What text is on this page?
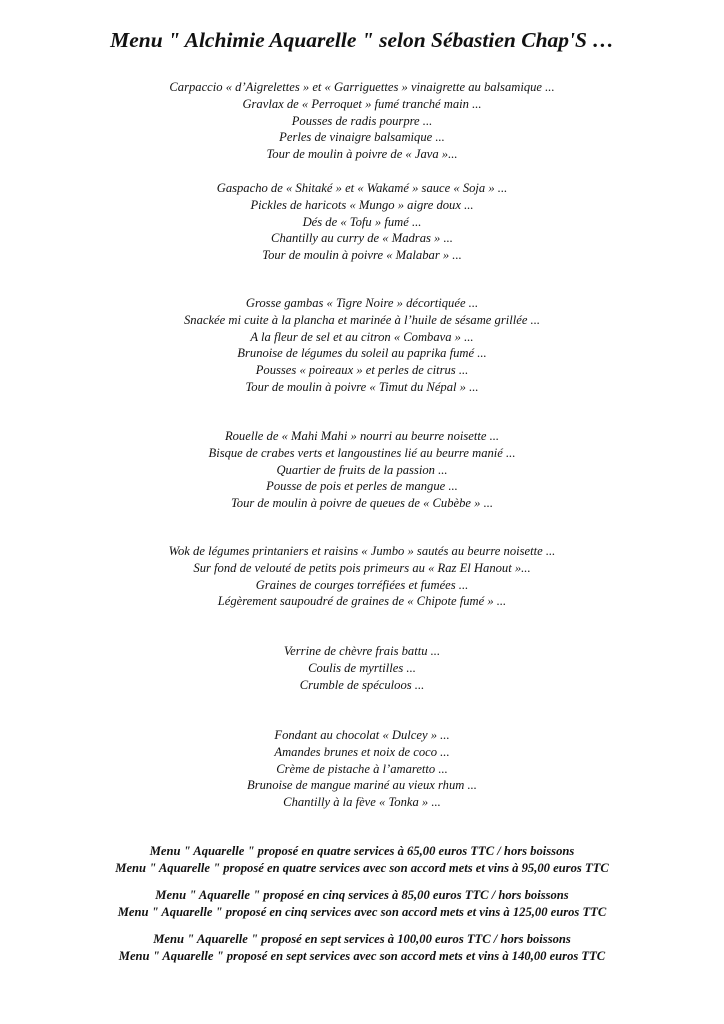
Menu " Alchimie Aquarelle " selon Sébastien Chap'S …
Carpaccio « d’Aigrelettes » et « Garriguettes » vinaigrette au balsamique ...
Gravlax de « Perroquet » fumé tranché main ...
Pousses de radis pourpre ...
Perles de vinaigre balsamique ...
Tour de moulin à poivre de « Java »...
Gaspacho de « Shitaké » et « Wakamé » sauce « Soja » ...
Pickles de haricots « Mungo » aigre doux ...
Dés de « Tofu » fumé ...
Chantilly au curry de « Madras » ...
Tour de moulin à poivre « Malabar » ...
Grosse gambas « Tigre Noire » décortiquée ...
Snackée mi cuite à la plancha et marinée à l’huile de sésame grillée ...
A la fleur de sel et au citron « Combava » ...
Brunoise de légumes du soleil au paprika fumé ...
Pousses « poireaux » et perles de citrus ...
Tour de moulin à poivre « Timut du Népal » ...
Rouelle de « Mahi Mahi » nourri au beurre noisette ...
Bisque de crabes verts et langoustines lié au beurre manié ...
Quartier de fruits de la passion ...
Pousse de pois et perles de mangue ...
Tour de moulin à poivre de queues de « Cubèbe » ...
Wok de légumes printaniers et raisins « Jumbo » sautés au beurre noisette ...
Sur fond de velouté de petits pois primeurs au « Raz El Hanout »...
Graines de courges torréfiées et fumées ...
Légèrement saupoudré de graines de « Chipote fumé » ...
Verrine de chèvre frais battu ...
Coulis de myrtilles ...
Crumble de spéculoos ...
Fondant au chocolat « Dulcey » ...
Amandes brunes et noix de coco ...
Crème de pistache à l’amaretto ...
Brunoise de mangue mariné au vieux rhum ...
Chantilly à la fève « Tonka » ...
Menu " Aquarelle " proposé en quatre services à 65,00 euros TTC / hors boissons
Menu " Aquarelle " proposé en quatre services avec son accord mets et vins à 95,00 euros TTC
Menu " Aquarelle " proposé en cinq services à 85,00 euros TTC / hors boissons
Menu " Aquarelle " proposé en cinq services avec son accord mets et vins à 125,00 euros TTC
Menu " Aquarelle " proposé en sept services à 100,00 euros TTC / hors boissons
Menu " Aquarelle " proposé en sept services avec son accord mets et vins à 140,00 euros TTC
